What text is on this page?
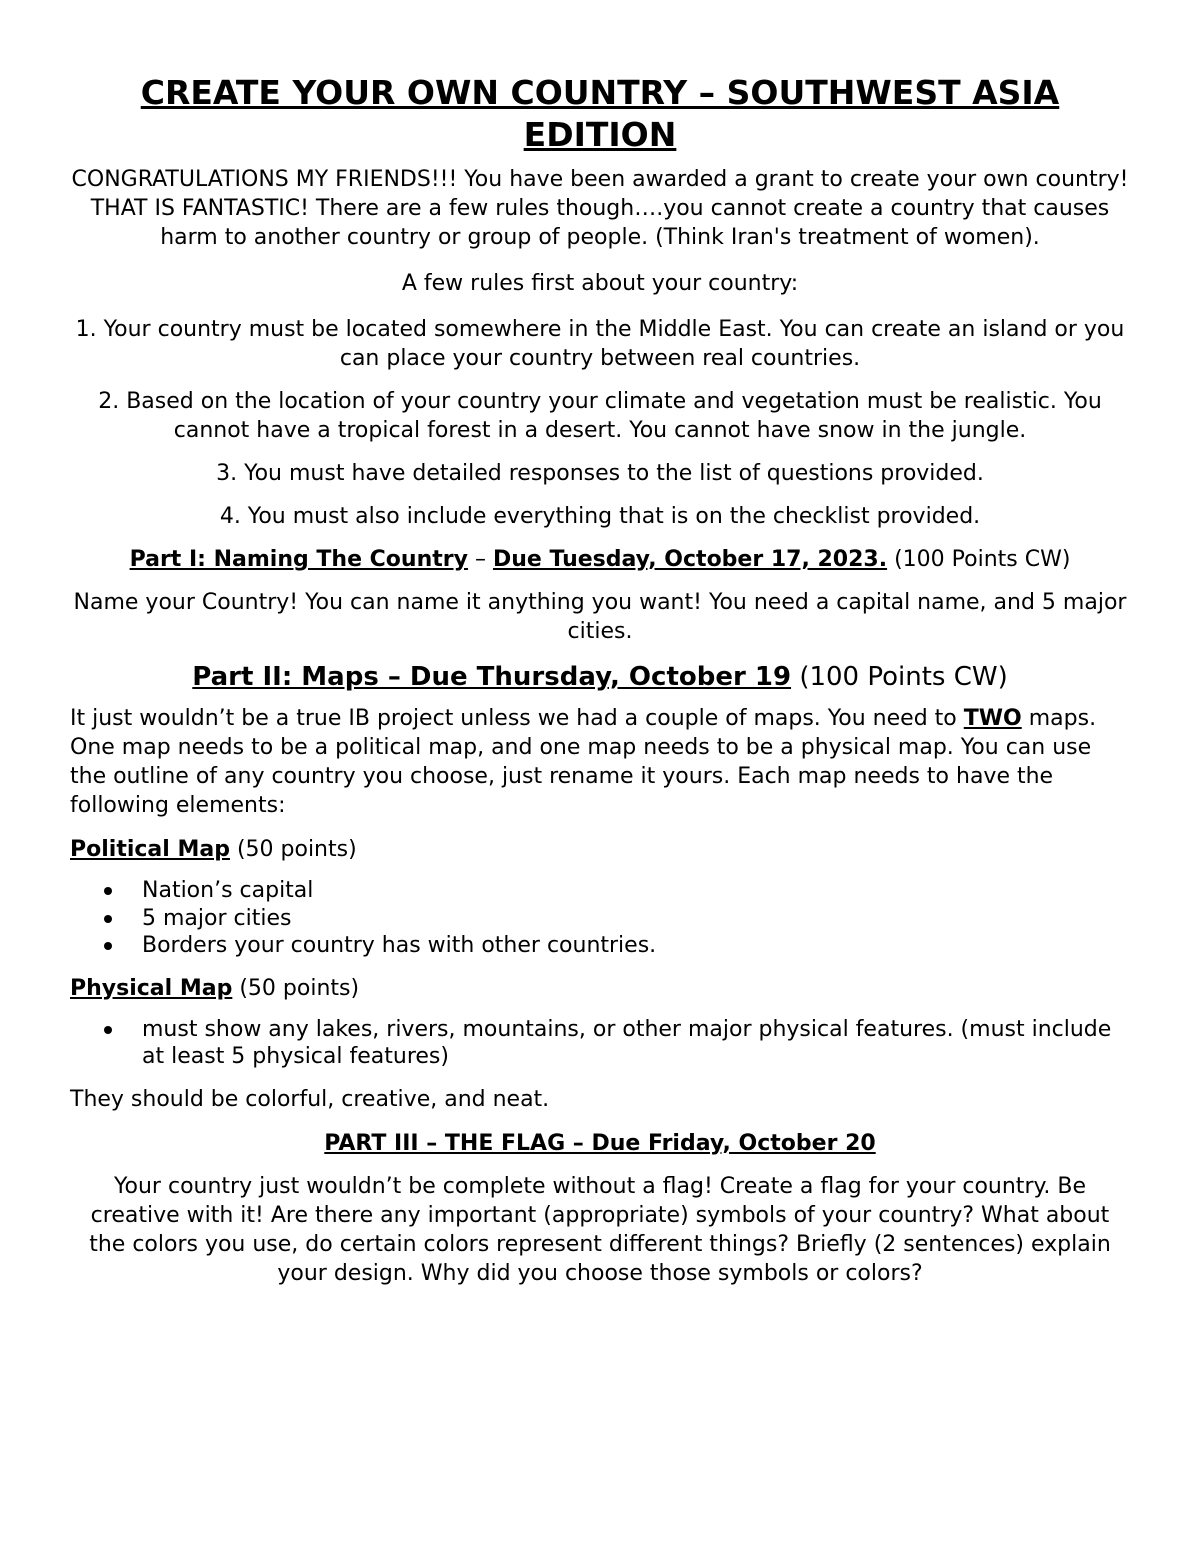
CREATE YOUR OWN COUNTRY – SOUTHWEST ASIA EDITION

CONGRATULATIONS MY FRIENDS!!! You have been awarded a grant to create your own country! THAT IS FANTASTIC! There are a few rules though….you cannot create a country that causes harm to another country or group of people. (Think Iran's treatment of women).

A few rules first about your country:

1. Your country must be located somewhere in the Middle East. You can create an island or you can place your country between real countries.

2. Based on the location of your country your climate and vegetation must be realistic. You cannot have a tropical forest in a desert. You cannot have snow in the jungle.

3. You must have detailed responses to the list of questions provided.

4. You must also include everything that is on the checklist provided.

Part I: Naming The Country – Due Tuesday, October 17, 2023. (100 Points CW)

Name your Country! You can name it anything you want! You need a capital name, and 5 major cities.

Part II: Maps – Due Thursday, October 19 (100 Points CW)

It just wouldn’t be a true IB project unless we had a couple of maps. You need to TWO maps. One map needs to be a political map, and one map needs to be a physical map. You can use the outline of any country you choose, just rename it yours. Each map needs to have the following elements:

Political Map (50 points)

Nation’s capital
5 major cities
Borders your country has with other countries.

Physical Map (50 points)

must show any lakes, rivers, mountains, or other major physical features. (must include at least 5 physical features)

They should be colorful, creative, and neat.

PART III – THE FLAG – Due Friday, October 20

Your country just wouldn’t be complete without a flag! Create a flag for your country. Be creative with it! Are there any important (appropriate) symbols of your country? What about the colors you use, do certain colors represent different things? Briefly (2 sentences) explain your design. Why did you choose those symbols or colors?
